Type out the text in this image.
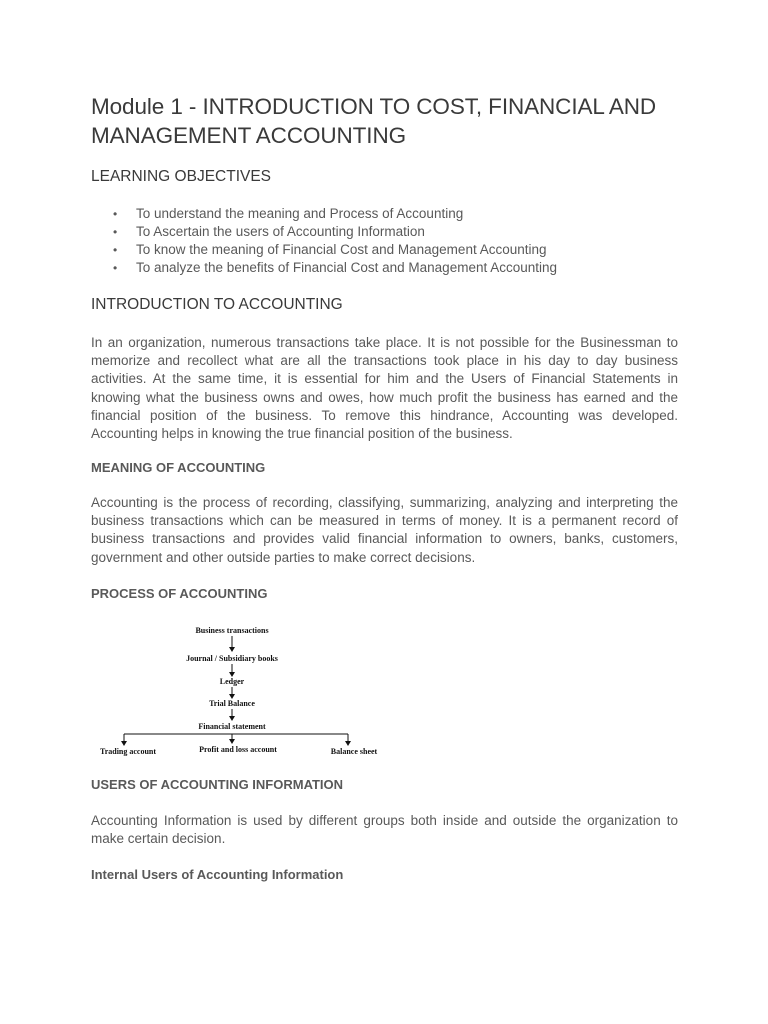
Module 1 - INTRODUCTION TO COST, FINANCIAL AND
MANAGEMENT ACCOUNTING
LEARNING OBJECTIVES
• To understand the meaning and Process of Accounting
• To Ascertain the users of Accounting Information
• To know the meaning of Financial Cost and Management Accounting
• To analyze the benefits of Financial Cost and Management Accounting
INTRODUCTION TO ACCOUNTING

In an organization, numerous transactions take place. It is not possible for the Businessman to memorize and recollect what are all the transactions took place in his day to day business activities. At the same time, it is essential for him and the Users of Financial Statements in knowing what the business owns and owes, how much profit the business has earned and the financial position of the business. To remove this hindrance, Accounting was developed. Accounting helps in knowing the true financial position of the business.

MEANING OF ACCOUNTING

Accounting is the process of recording, classifying, summarizing, analyzing and interpreting the business transactions which can be measured in terms of money. It is a permanent record of business transactions and provides valid financial information to owners, banks, customers, government and other outside parties to make correct decisions.

PROCESS OF ACCOUNTING
Business transactions
Journal / Subsidiary books
Ledger
Trial Balance
Financial statement
Trading account	Profit and loss account	Balance sheet
USERS OF ACCOUNTING INFORMATION

Accounting Information is used by different groups both inside and outside the organization to make certain decision.

Internal Users of Accounting Information
